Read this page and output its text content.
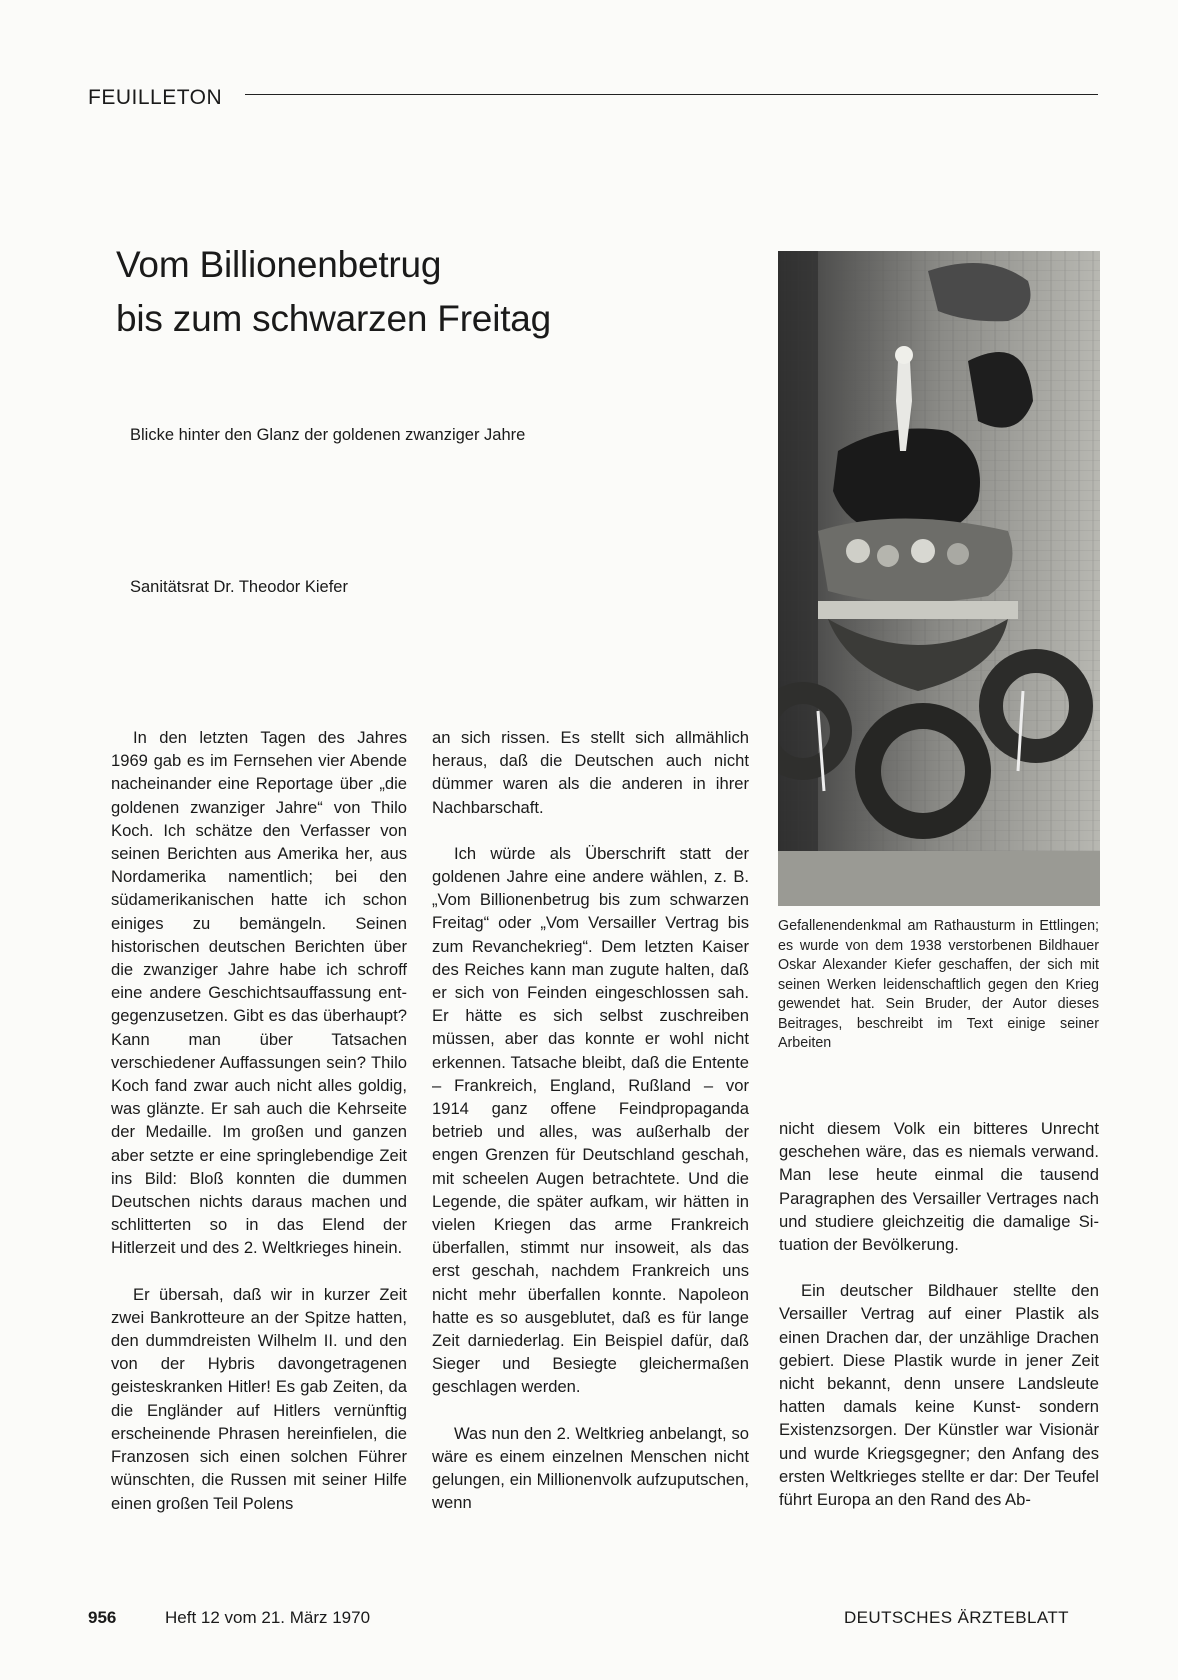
FEUILLETON
Vom Billionenbetrug
bis zum schwarzen Freitag
Blicke hinter den Glanz der goldenen zwanziger Jahre
Sanitätsrat Dr. Theodor Kiefer

In den letzten Tagen des Jahres 1969 gab es im Fernsehen vier Abende nacheinander eine Reportage über „die goldenen zwanziger Jahre“ von Thilo Koch. Ich schätze den Verfasser von seinen Berichten aus Amerika her, aus Nordamerika namentlich; bei den südamerikanischen hatte ich schon einiges zu bemängeln. Seinen historischen deutschen Berichten über die zwanziger Jahre habe ich schroff eine andere Geschichtsauffassung entgegenzusetzen. Gibt es das überhaupt? Kann man über Tatsachen verschiedener Auffassungen sein? Thilo Koch fand zwar auch nicht alles goldig, was glänzte. Er sah auch die Kehrseite der Medaille. Im großen und ganzen aber setzte er eine springlebendige Zeit ins Bild: Bloß konnten die dummen Deutschen nichts daraus machen und schlitterten so in das Elend der Hitlerzeit und des 2. Weltkrieges hinein.

Er übersah, daß wir in kurzer Zeit zwei Bankrotteure an der Spitze hatten, den dummdreisten Wilhelm II. und den von der Hybris davongetragenen geisteskranken Hitler! Es gab Zeiten, da die Engländer auf Hitlers vernünftig erscheinende Phrasen hereinfielen, die Franzosen sich einen solchen Führer wünschten, die Russen mit seiner Hilfe einen großen Teil Polens

an sich rissen. Es stellt sich allmählich heraus, daß die Deutschen auch nicht dümmer waren als die anderen in ihrer Nachbarschaft.

Ich würde als Überschrift statt der goldenen Jahre eine andere wählen, z. B. „Vom Billionenbetrug bis zum schwarzen Freitag“ oder „Vom Versailler Vertrag bis zum Revanchekrieg“. Dem letzten Kaiser des Reiches kann man zugute halten, daß er sich von Feinden eingeschlossen sah. Er hätte es sich selbst zuschreiben müssen, aber das konnte er wohl nicht erkennen. Tatsache bleibt, daß die Entente – Frankreich, England, Rußland – vor 1914 ganz offene Feindpropaganda betrieb und alles, was außerhalb der engen Grenzen für Deutschland geschah, mit scheelen Augen betrachtete. Und die Legende, die später aufkam, wir hätten in vielen Kriegen das arme Frankreich überfallen, stimmt nur insoweit, als das erst geschah, nachdem Frankreich uns nicht mehr überfallen konnte. Napoleon hatte es so ausgeblutet, daß es für lange Zeit darniederlag. Ein Beispiel dafür, daß Sieger und Besiegte gleichermaßen geschlagen werden.

Was nun den 2. Weltkrieg anbelangt, so wäre es einem einzelnen Menschen nicht gelungen, ein Millionenvolk aufzuputschen, wenn

nicht diesem Volk ein bitteres Unrecht geschehen wäre, das es niemals verwand. Man lese heute einmal die tausend Paragraphen des Versailler Vertrages nach und studiere gleichzeitig die damalige Situation der Bevölkerung.

Ein deutscher Bildhauer stellte den Versailler Vertrag auf einer Plastik als einen Drachen dar, der unzählige Drachen gebiert. Diese Plastik wurde in jener Zeit nicht bekannt, denn unsere Landsleute hatten damals keine Kunst- sondern Existenzsorgen. Der Künstler war Visionär und wurde Kriegsgegner; den Anfang des ersten Weltkrieges stellte er dar: Der Teufel führt Europa an den Rand des Ab-

Gefallenendenkmal am Rathausturm in Ettlingen; es wurde von dem 1938 verstorbenen Bildhauer Oskar Alexander Kiefer geschaffen, der sich mit seinen Werken leidenschaftlich gegen den Krieg gewendet hat. Sein Bruder, der Autor dieses Beitrages, beschreibt im Text einige seiner Arbeiten
956	Heft 12 vom 21. März 1970	DEUTSCHES ÄRZTEBLATT
